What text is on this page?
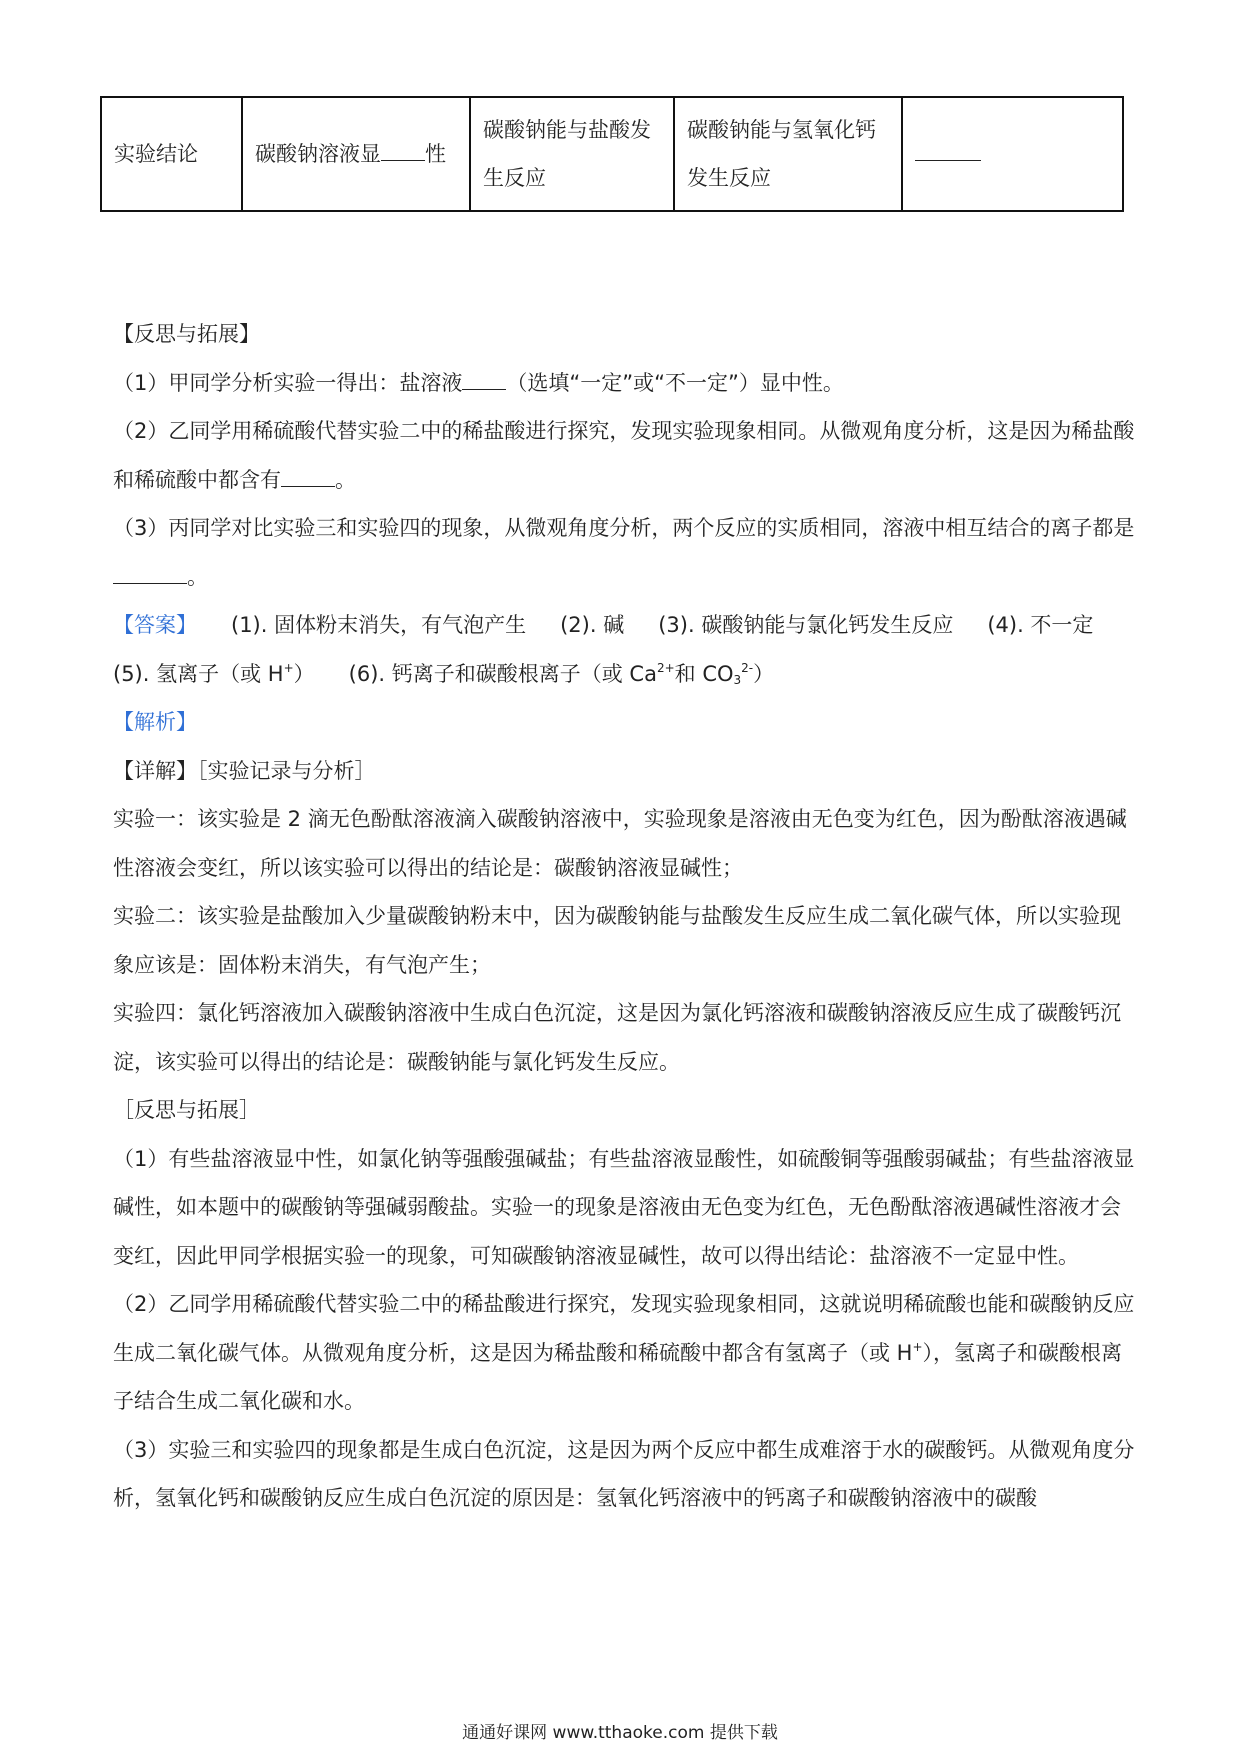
实验结论	碳酸钠溶液显 性
碳酸钠能与盐酸发生反应
碳酸钠能与氢氧化钙发生反应

【反思与拓展】

（1）甲同学分析实验一得出：盐溶液 （选填“一定”或“不一定”）显中性。

（2）乙同学用稀硫酸代替实验二中的稀盐酸进行探究，发现实验现象相同。从微观角度分析，这是因为稀盐酸和稀硫酸中都含有	。

（3）丙同学对比实验三和实验四的现象，从微观角度分析，两个反应的实质相同，溶液中相互结合的离子都是。

【答案】 (1). 固体粉末消失，有气泡产生 (2). 碱 (3). 碳酸钠能与氯化钙发生反应 (4). 不一定(5). 氢离子（或 H+） (6). 钙离子和碳酸根离子（或 $Ca^{2+}$和 $CO_3^{2-}$）

【解析】

【详解】［实验记录与分析］

实验一：该实验是 2 滴无色酚酞溶液滴入碳酸钠溶液中，实验现象是溶液由无色变为红色，因为酚酞溶液遇碱性溶液会变红，所以该实验可以得出的结论是：碳酸钠溶液显碱性；

实验二：该实验是盐酸加入少量碳酸钠粉末中，因为碳酸钠能与盐酸发生反应生成二氧化碳气体，所以实验现象应该是：固体粉末消失，有气泡产生；

实验四：氯化钙溶液加入碳酸钠溶液中生成白色沉淀，这是因为氯化钙溶液和碳酸钠溶液反应生成了碳酸钙沉淀，该实验可以得出的结论是：碳酸钠能与氯化钙发生反应。

［反思与拓展］

（1）有些盐溶液显中性，如氯化钠等强酸强碱盐；有些盐溶液显酸性，如硫酸铜等强酸弱碱盐；有些盐溶液显碱性，如本题中的碳酸钠等强碱弱酸盐。实验一的现象是溶液由无色变为红色，无色酚酞溶液遇碱性溶液才会变红，因此甲同学根据实验一的现象，可知碳酸钠溶液显碱性，故可以得出结论：盐溶液不一定显中性。

（2）乙同学用稀硫酸代替实验二中的稀盐酸进行探究，发现实验现象相同，这就说明稀硫酸也能和碳酸钠反应生成二氧化碳气体。从微观角度分析，这是因为稀盐酸和稀硫酸中都含有氢离子（或 H+），氢离子和碳酸根离子结合生成二氧化碳和水。

（3）实验三和实验四的现象都是生成白色沉淀，这是因为两个反应中都生成难溶于水的碳酸钙。从微观角度分析，氢氧化钙和碳酸钠反应生成白色沉淀的原因是：氢氧化钙溶液中的钙离子和碳酸钠溶液中的碳酸

通通好课网 www.tthaoke.com 提供下载
